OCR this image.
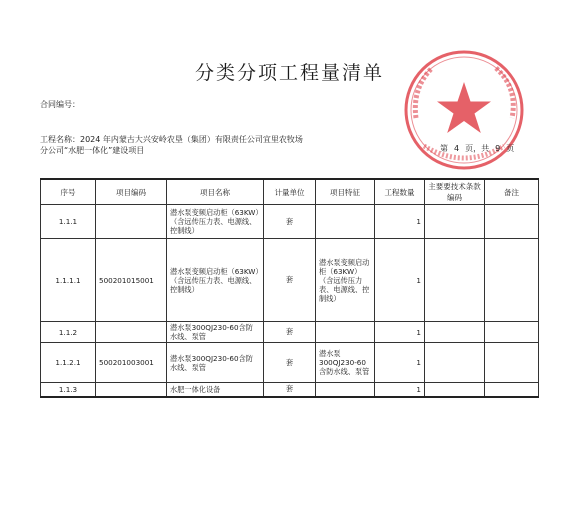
分类分项工程量清单
合同编号：
工程名称：2024 年内蒙古大兴安岭农垦（集团）有限责任公司宜里农牧场分公司“水肥一体化”建设项目	第 4 页，共 9 页
序号	项目编码	项目名称	计量单位	项目特征	工程数量	主要要技术条款编码	备注
1.1.1		潜水泵变频启动柜（63KW）（含远传压力表、电源线、控制线）	套		1		
1.1.1.1	500201015001	潜水泵变频启动柜（63KW）（含远传压力表、电源线、控制线）	套	潜水泵变频启动柜（63KW）（含远传压力表、电源线、控制线）	1		
1.1.2		潜水泵300QJ230-60含防水线、泵管	套		1		
1.1.2.1	500201003001	潜水泵300QJ230-60含防水线、泵管	套	潜水泵300QJ230-60含防水线、泵管	1		
1.1.3		水肥一体化设备	套		1		
